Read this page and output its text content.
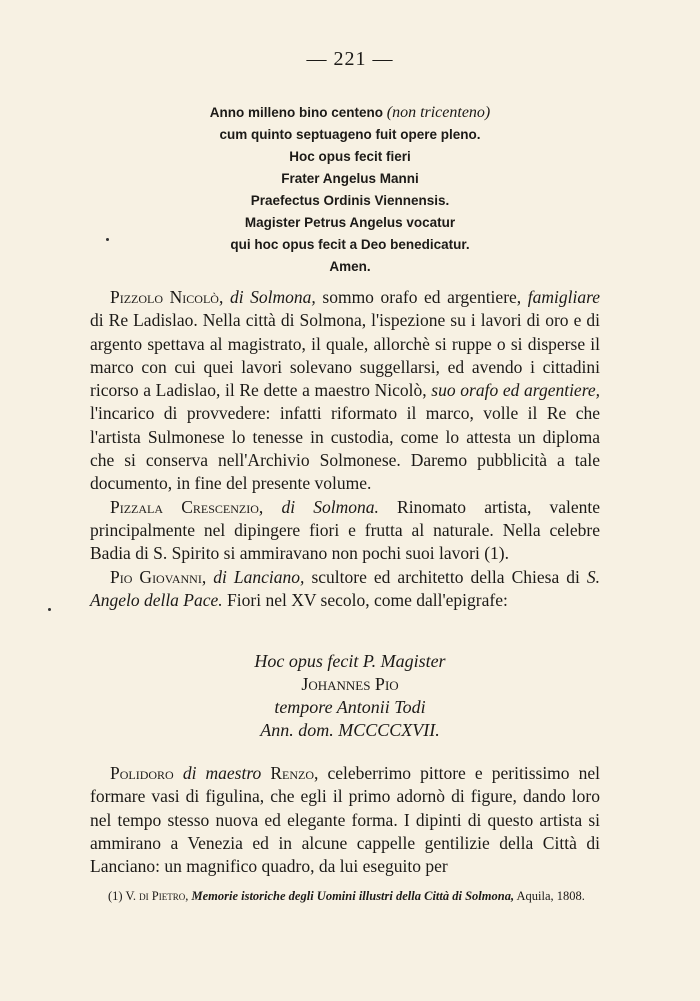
— 221 —
Anno milleno bino centeno (non tricenteno)
cum quinto septuageno fuit opere pleno.
Hoc opus fecit fieri
Frater Angelus Manni
Praefectus Ordinis Viennensis.
Magister Petrus Angelus vocatur
qui hoc opus fecit a Deo benedicatur.
Amen.

Pizzolo Nicolò, di Solmona, sommo orafo ed argentiere, famigliare di Re Ladislao. Nella città di Solmona, l'ispezione su i lavori di oro e di argento spettava al magistrato, il quale, allorchè si ruppe o si disperse il marco con cui quei lavori solevano suggellarsi, ed avendo i cittadini ricorso a Ladislao, il Re dette a maestro Nicolò, suo orafo ed argentiere, l'incarico di provvedere: infatti riformato il marco, volle il Re che l'artista Sulmonese lo tenesse in custodia, come lo attesta un diploma che si conserva nell'Archivio Solmonese. Daremo pubblicità a tale documento, in fine del presente volume.

Pizzala Crescenzio, di Solmona. Rinomato artista, valente principalmente nel dipingere fiori e frutta al naturale. Nella celebre Badia di S. Spirito si ammiravano non pochi suoi lavori (1).

Pio Giovanni, di Lanciano, scultore ed architetto della Chiesa di S. Angelo della Pace. Fiori nel XV secolo, come dall'epigrafe:

Hoc opus fecit P. Magister
Johannes Pio
tempore Antonii Todi
Ann. dom. MCCCCXVII.

Polidoro di maestro Renzo, celeberrimo pittore e peritissimo nel formare vasi di figulina, che egli il primo adornò di figure, dando loro nel tempo stesso nuova ed elegante forma. I dipinti di questo artista si ammirano a Venezia ed in alcune cappelle gentilizie della Città di Lanciano: un magnifico quadro, da lui eseguito per

(1) V. di Pietro, Memorie istoriche degli Uomini illustri della Città di Solmona, Aquila, 1808.
